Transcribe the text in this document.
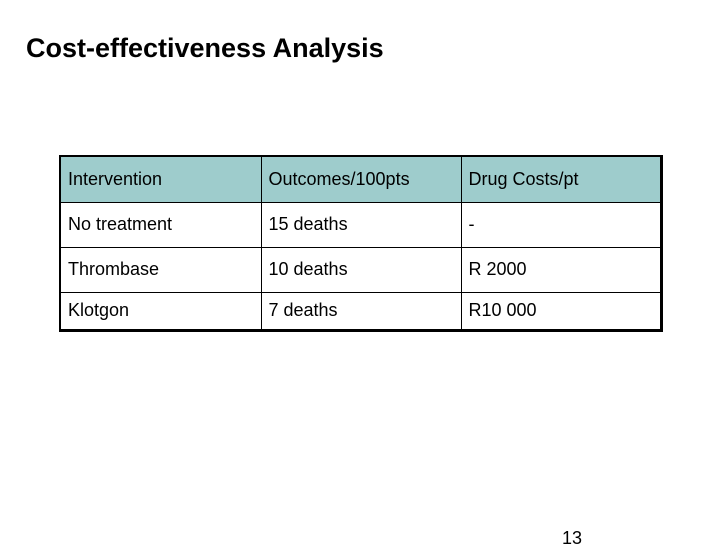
Cost-effectiveness Analysis
Intervention	Outcomes/100pts	Drug Costs/pt
No treatment	15 deaths	-
Thrombase	10 deaths	R 2000
Klotgon	7 deaths	R10 000
13
